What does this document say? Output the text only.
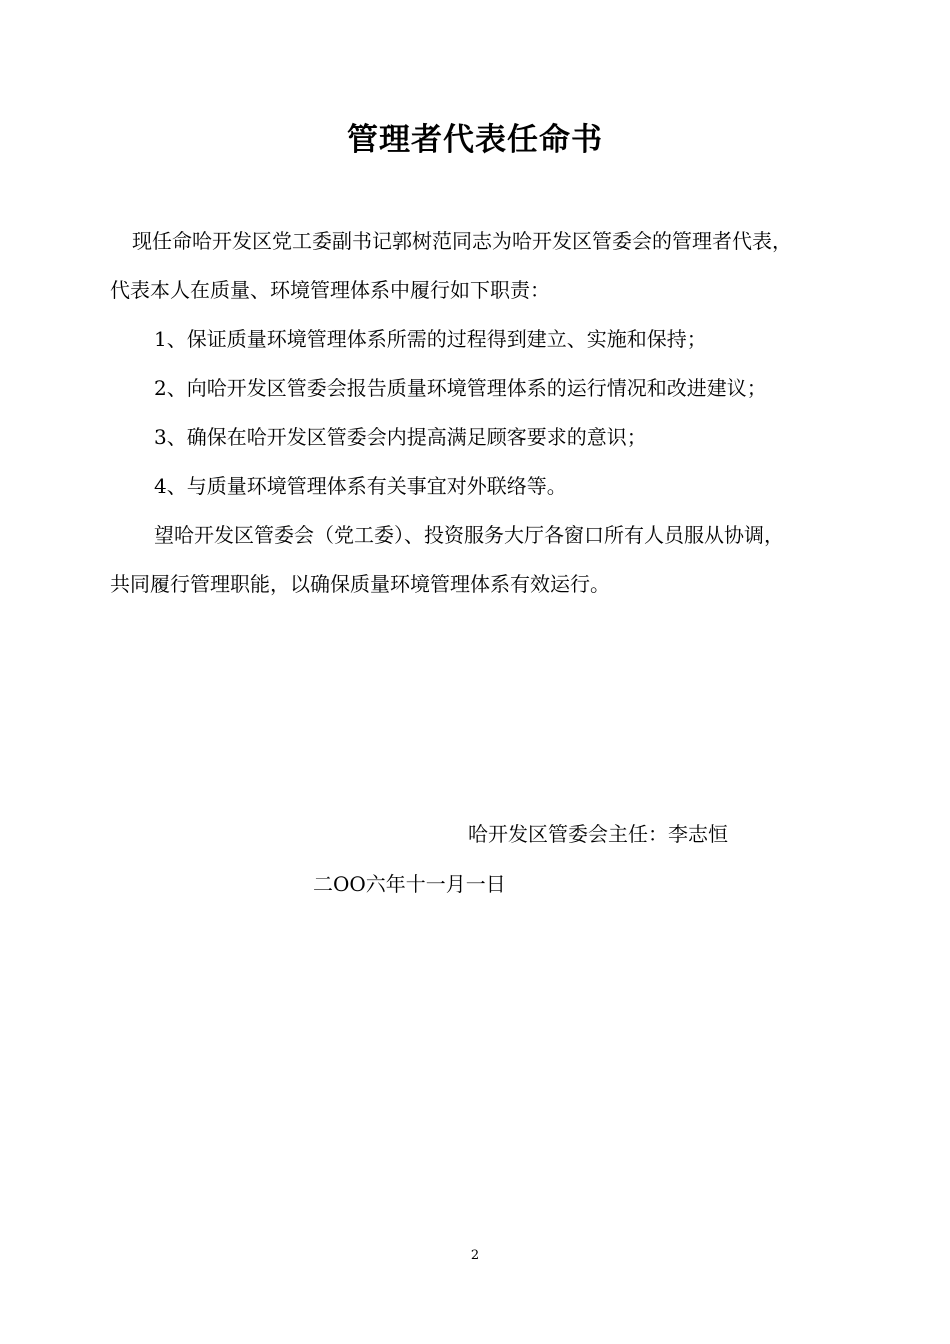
管理者代表任命书
现任命哈开发区党工委副书记郭树范同志为哈开发区管委会的管理者代表，
代表本人在质量、环境管理体系中履行如下职责：
1、保证质量环境管理体系所需的过程得到建立、实施和保持；
2、向哈开发区管委会报告质量环境管理体系的运行情况和改进建议；
3、确保在哈开发区管委会内提高满足顾客要求的意识；
4、与质量环境管理体系有关事宜对外联络等。
望哈开发区管委会（党工委）、投资服务大厅各窗口所有人员服从协调，
共同履行管理职能，以确保质量环境管理体系有效运行。
哈开发区管委会主任：李志恒
二OO六年十一月一日
2
